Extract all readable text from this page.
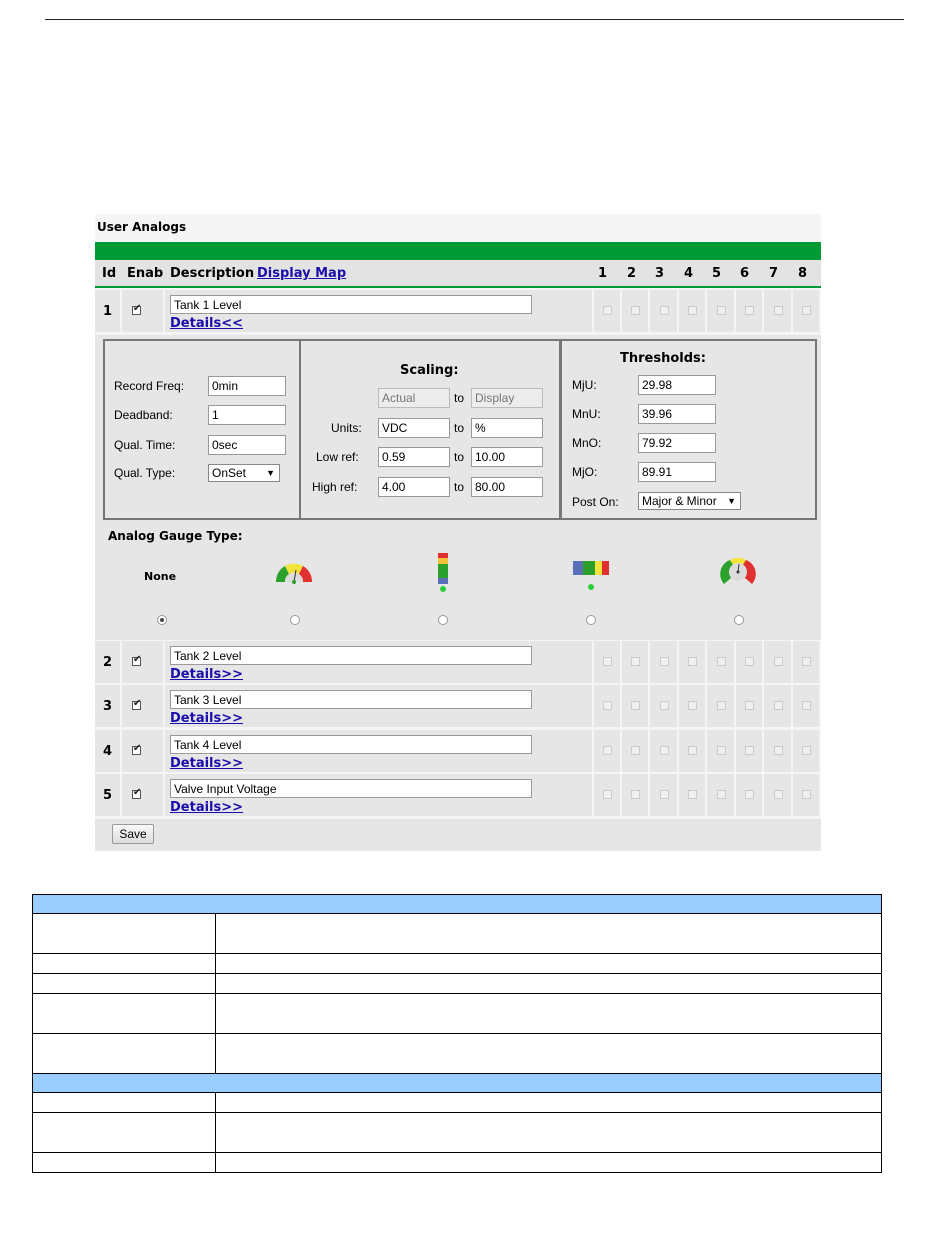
User Analogs
Id Enab Description Display Map	1 2 3 4 5 6 7 8
1 ✔	Tank 1 Level
Details<<
Record Freq:	0min
Deadband:	1
Qual. Time:	0sec
Qual. Type:	OnSet ▼
Scaling:
Actual	to Display
Units:	VDC	to %
Low ref:	0.59	to 10.00
High ref:	4.00	to 80.00
Thresholds:
MjU:	29.98
MnU:	39.96
MnO:	79.92
MjO:	89.91
Post On:	Major & Minor ▼
Analog Gauge Type:
None
2 ✔	Tank 2 Level
Details>>
3 ✔	Tank 3 Level
Details>>
4 ✔	Tank 4 Level
Details>>
5 ✔	Valve Input Voltage
Details>>
Save
